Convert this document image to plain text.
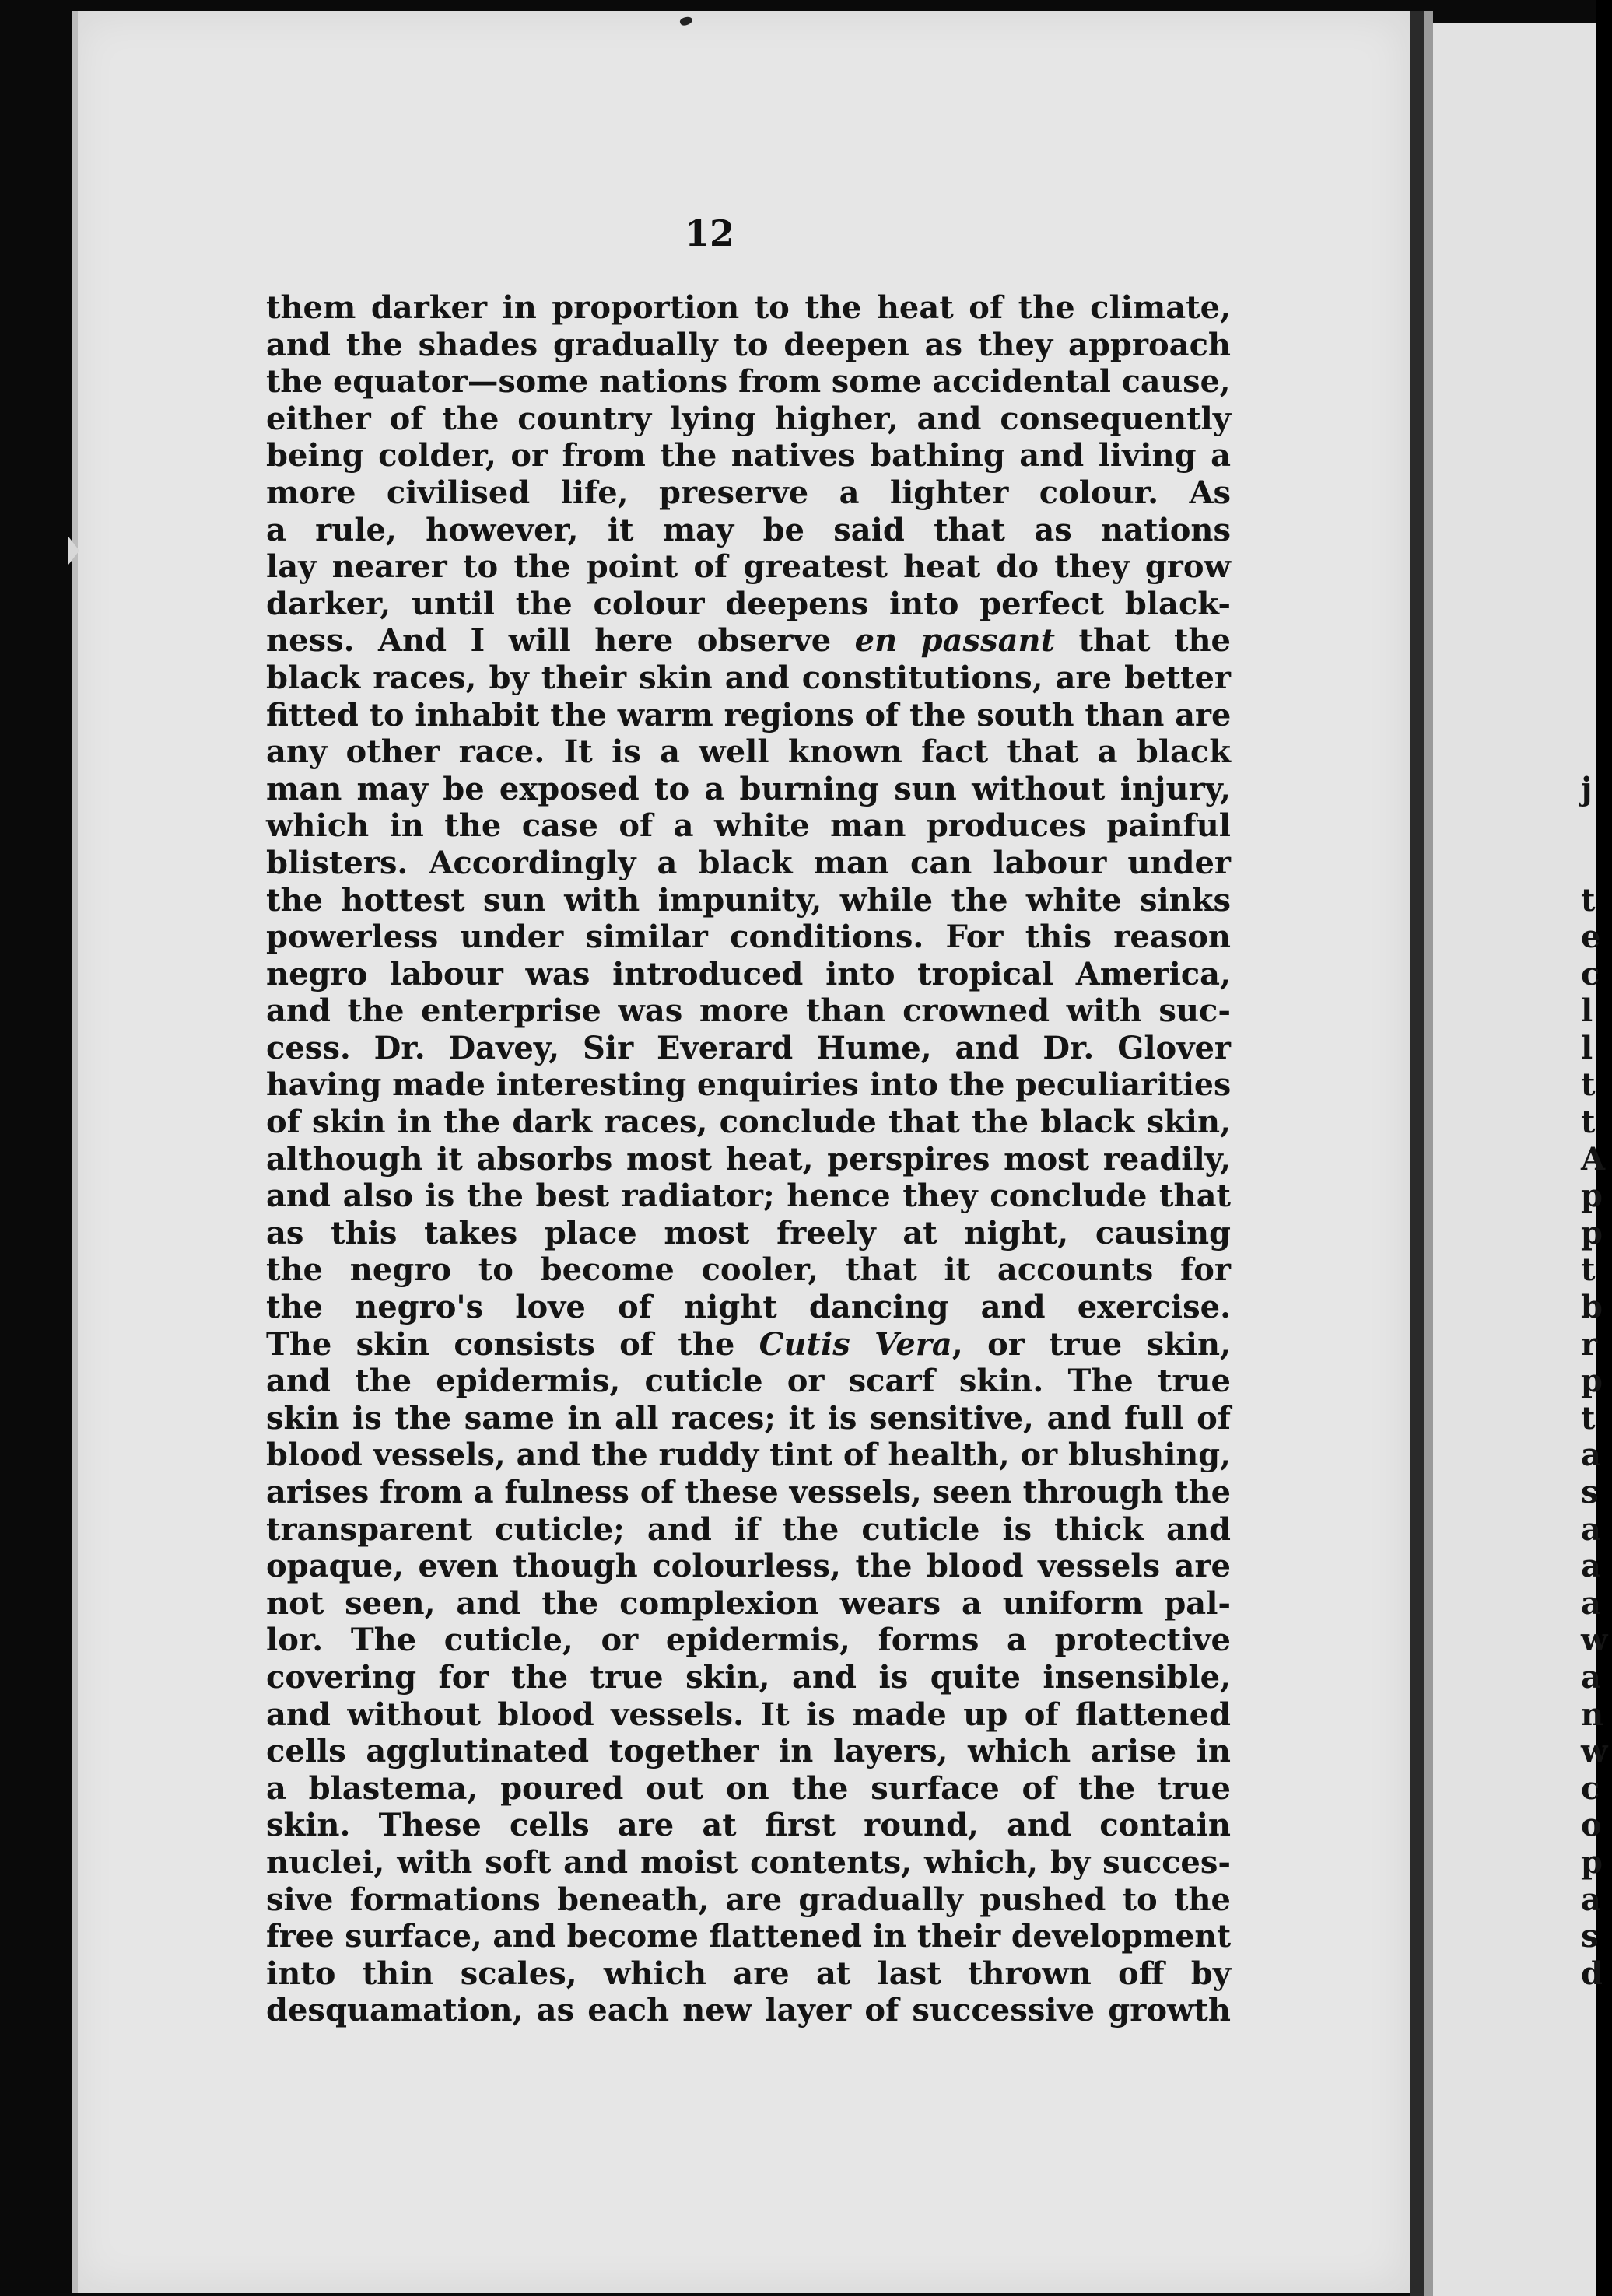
12
them darker in proportion to the heat of the climate,
and the shades gradually to deepen as they approach
the equator—some nations from some accidental cause,
either of the country lying higher, and consequently
being colder, or from the natives bathing and living a
more civilised life, preserve a lighter colour. As
a rule, however, it may be said that as nations
lay nearer to the point of greatest heat do they grow
darker, until the colour deepens into perfect black-
ness. And I will here observe en passant that the
black races, by their skin and constitutions, are better
fitted to inhabit the warm regions of the south than are
any other race. It is a well known fact that a black
man may be exposed to a burning sun without injury,
which in the case of a white man produces painful
blisters. Accordingly a black man can labour under
the hottest sun with impunity, while the white sinks
powerless under similar conditions. For this reason
negro labour was introduced into tropical America,
and the enterprise was more than crowned with suc-
cess. Dr. Davey, Sir Everard Hume, and Dr. Glover
having made interesting enquiries into the peculiarities
of skin in the dark races, conclude that the black skin,
although it absorbs most heat, perspires most readily,
and also is the best radiator; hence they conclude that
as this takes place most freely at night, causing
the negro to become cooler, that it accounts for
the negro's love of night dancing and exercise.
The skin consists of the Cutis Vera, or true skin,
and the epidermis, cuticle or scarf skin. The true
skin is the same in all races; it is sensitive, and full of
blood vessels, and the ruddy tint of health, or blushing,
arises from a fulness of these vessels, seen through the
transparent cuticle; and if the cuticle is thick and
opaque, even though colourless, the blood vessels are
not seen, and the complexion wears a uniform pal-
lor. The cuticle, or epidermis, forms a protective
covering for the true skin, and is quite insensible,
and without blood vessels. It is made up of flattened
cells agglutinated together in layers, which arise in
a blastema, poured out on the surface of the true
skin. These cells are at first round, and contain
nuclei, with soft and moist contents, which, by succes-
sive formations beneath, are gradually pushed to the
free surface, and become flattened in their development
into thin scales, which are at last thrown off by
desquamation, as each new layer of successive growth
j
t
e
c
l
l
t
t
A
p
p
t
b
r
p
t
a
s
a
a
a
w
a
n
w
c
o
p
a
s
d
